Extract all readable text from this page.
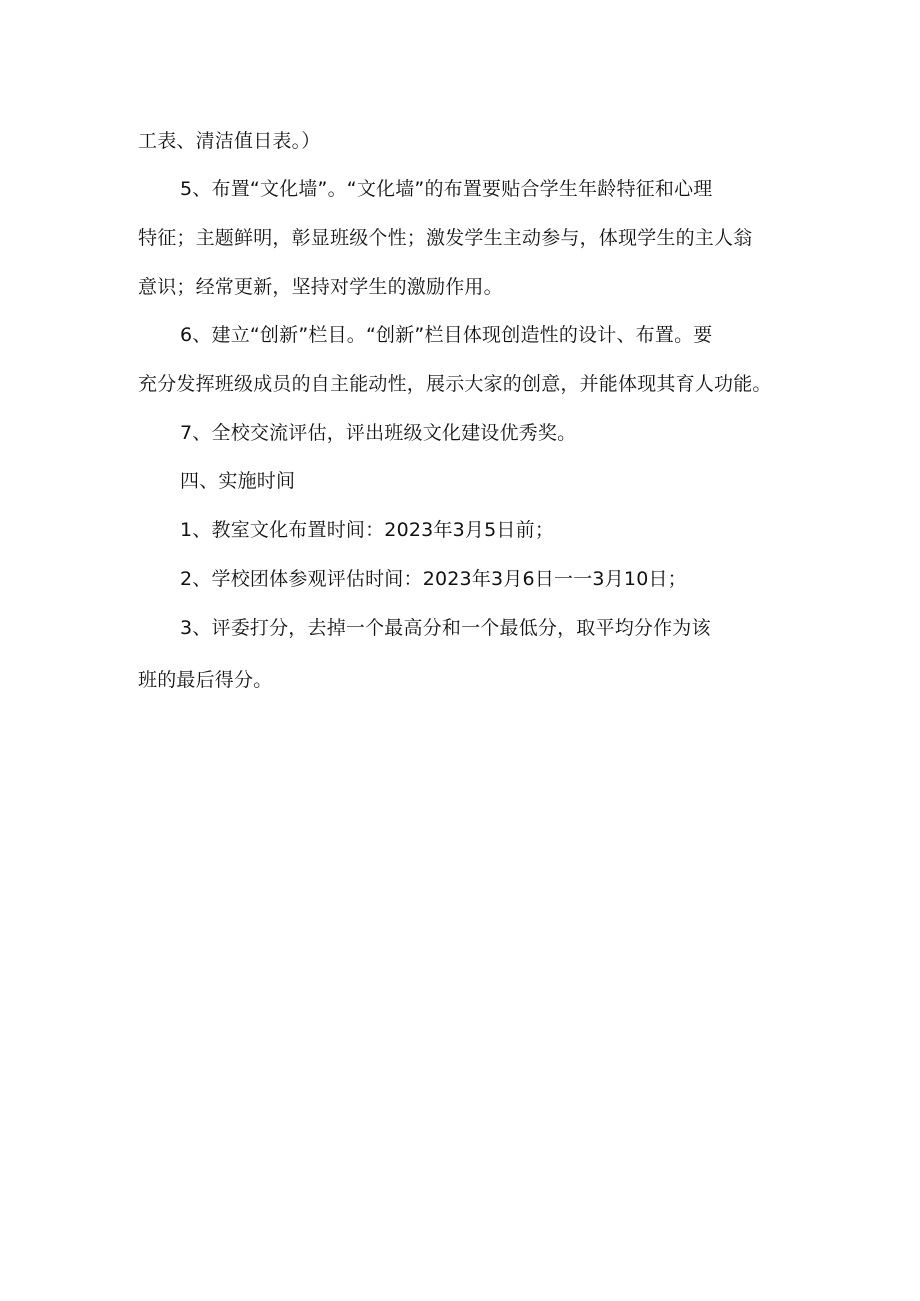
工表、清洁值日表。）
5、布置“文化墙”。“文化墙”的布置要贴合学生年龄特征和心理
特征；主题鲜明，彰显班级个性；激发学生主动参与，体现学生的主人翁
意识；经常更新，坚持对学生的激励作用。
6、建立“创新”栏目。“创新”栏目体现创造性的设计、布置。要
充分发挥班级成员的自主能动性，展示大家的创意，并能体现其育人功能。
7、全校交流评估，评出班级文化建设优秀奖。
四、实施时间
1、教室文化布置时间：2023年3月5日前；
2、学校团体参观评估时间：2023年3月6日一一3月10日；
3、评委打分，去掉一个最高分和一个最低分，取平均分作为该
班的最后得分。
